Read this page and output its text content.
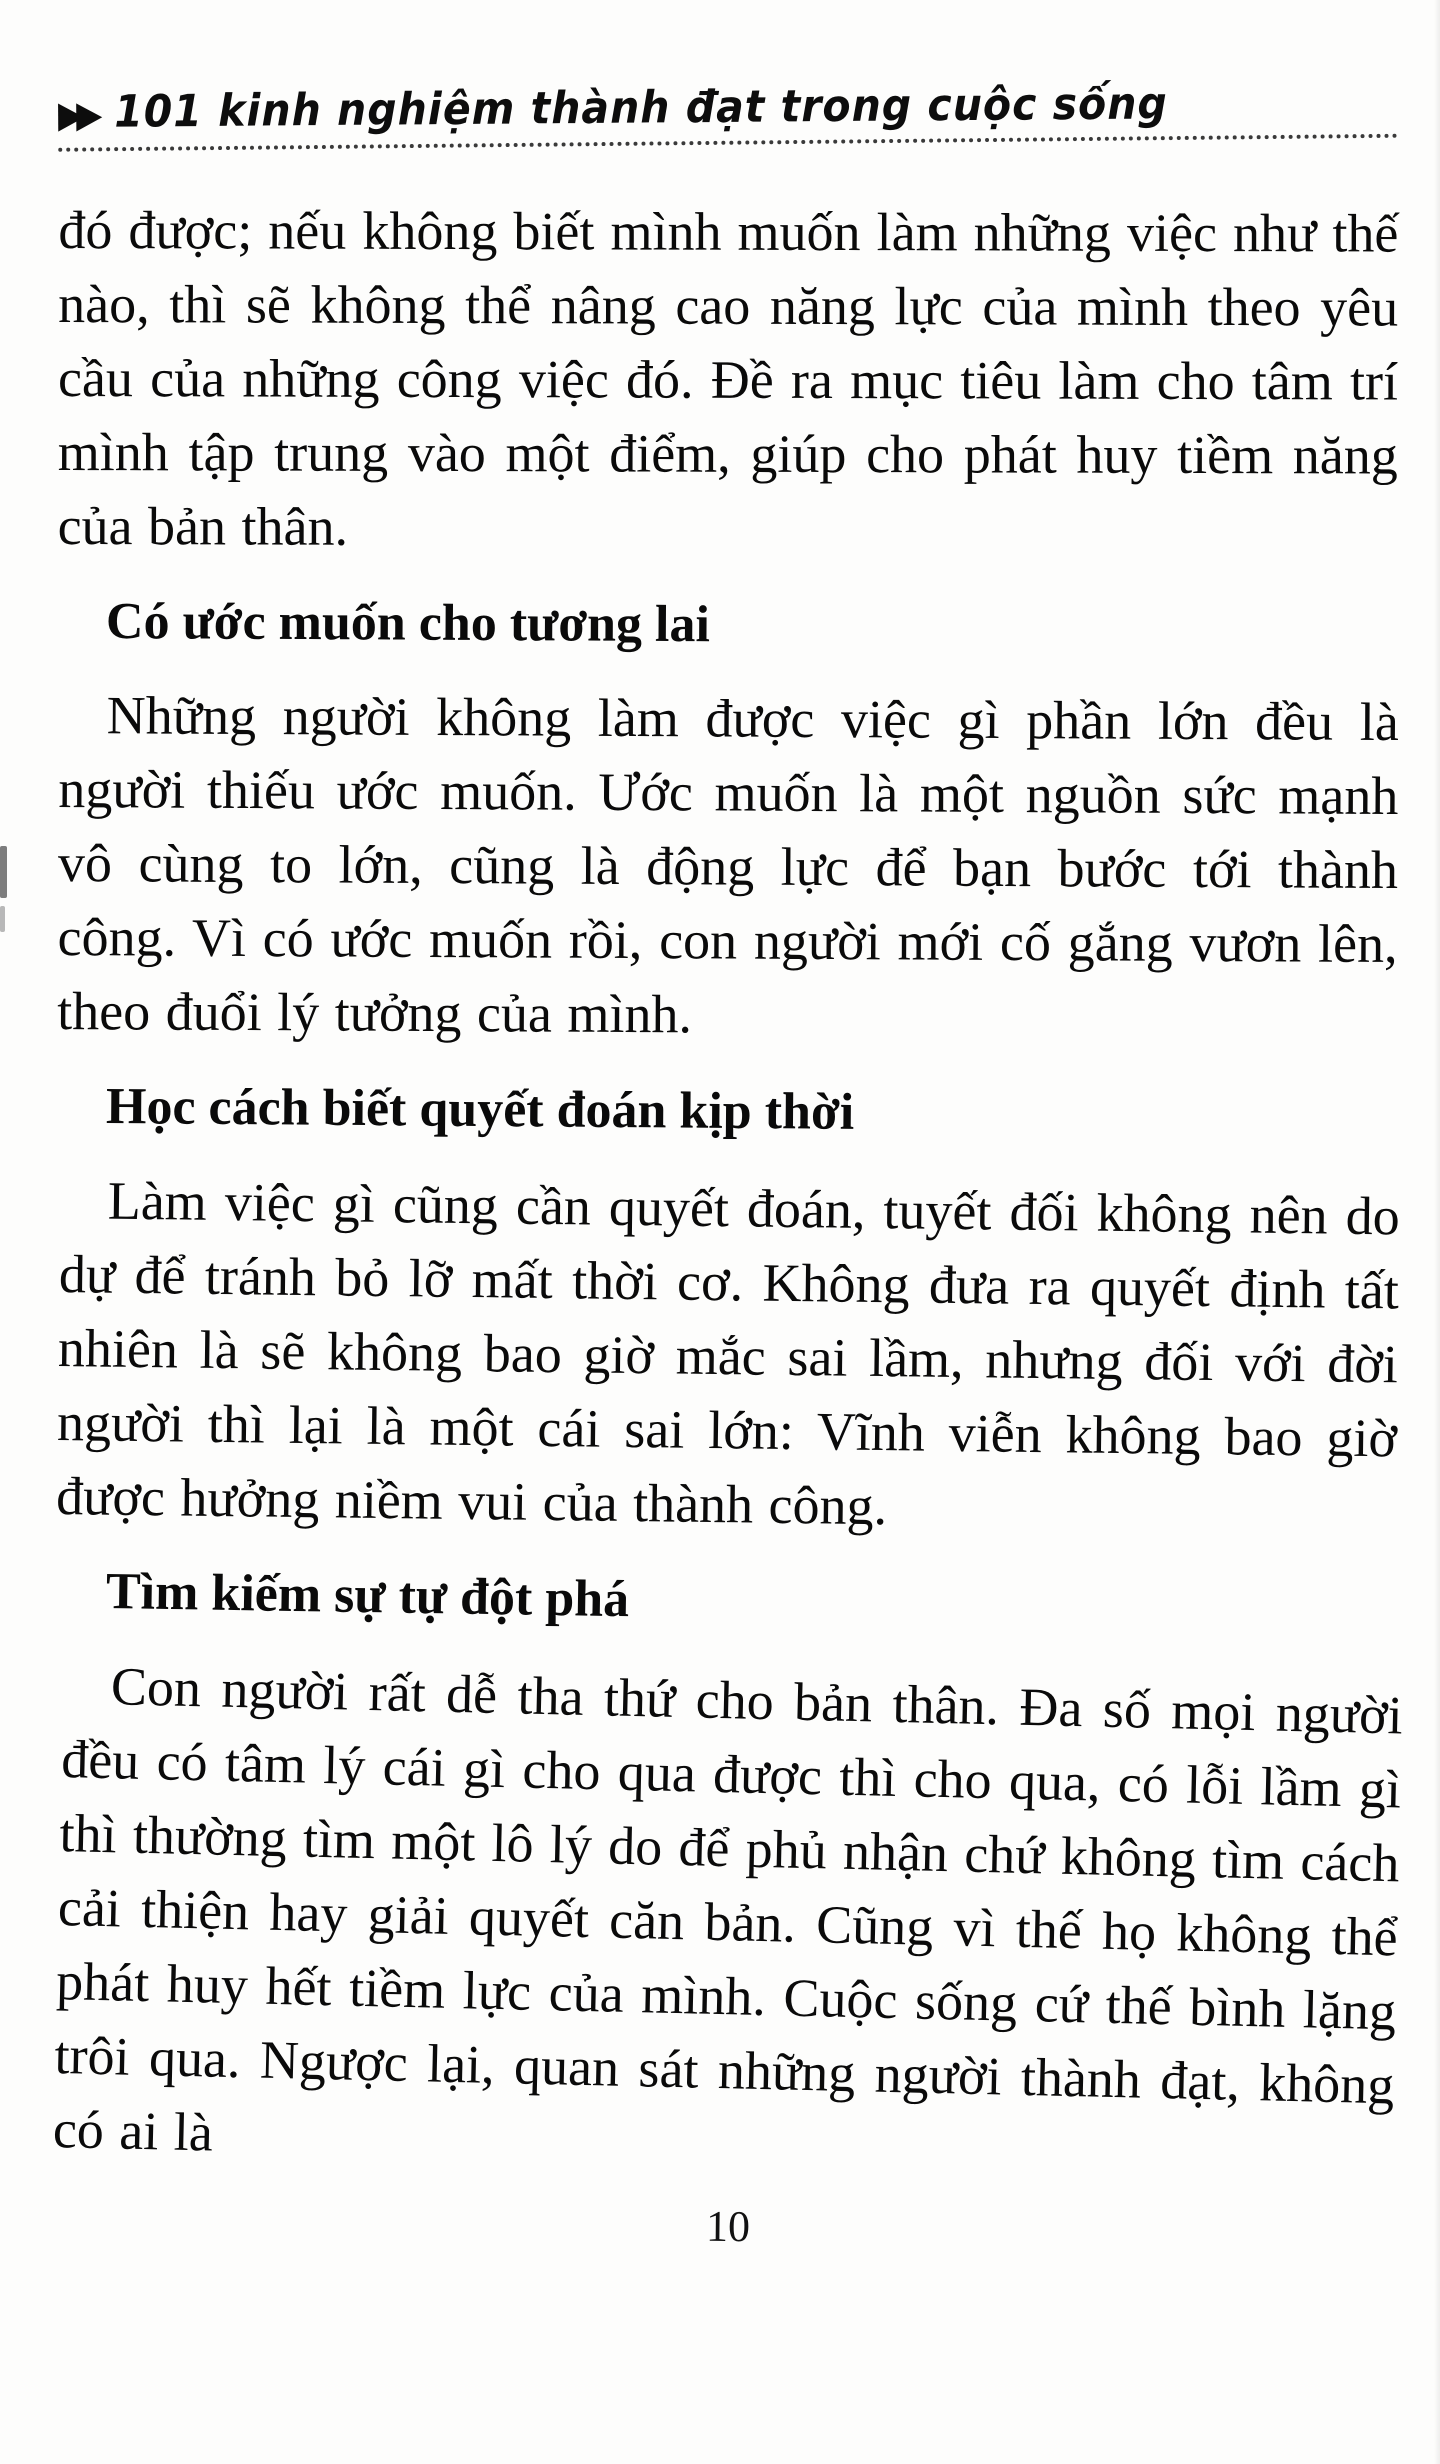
▶▶ 101 kinh nghiệm thành đạt trong cuộc sống

đó được; nếu không biết mình muốn làm những việc như thế nào, thì sẽ không thể nâng cao năng lực của mình theo yêu cầu của những công việc đó. Đề ra mục tiêu làm cho tâm trí mình tập trung vào một điểm, giúp cho phát huy tiềm năng của bản thân.

Có ước muốn cho tương lai

Những người không làm được việc gì phần lớn đều là người thiếu ước muốn. Ước muốn là một nguồn sức mạnh vô cùng to lớn, cũng là động lực để bạn bước tới thành công. Vì có ước muốn rồi, con người mới cố gắng vươn lên, theo đuổi lý tưởng của mình.

Học cách biết quyết đoán kịp thời

Làm việc gì cũng cần quyết đoán, tuyết đối không nên do dự để tránh bỏ lỡ mất thời cơ. Không đưa ra quyết định tất nhiên là sẽ không bao giờ mắc sai lầm, nhưng đối với đời người thì lại là một cái sai lớn: Vĩnh viễn không bao giờ được hưởng niềm vui của thành công.

Tìm kiếm sự tự đột phá

Con người rất dễ tha thứ cho bản thân. Đa số mọi người đều có tâm lý cái gì cho qua được thì cho qua, có lỗi lầm gì thì thường tìm một lô lý do để phủ nhận chứ không tìm cách cải thiện hay giải quyết căn bản. Cũng vì thế họ không thể phát huy hết tiềm lực của mình. Cuộc sống cứ thế bình lặng trôi qua. Ngược lại, quan sát những người thành đạt, không có ai là

10
